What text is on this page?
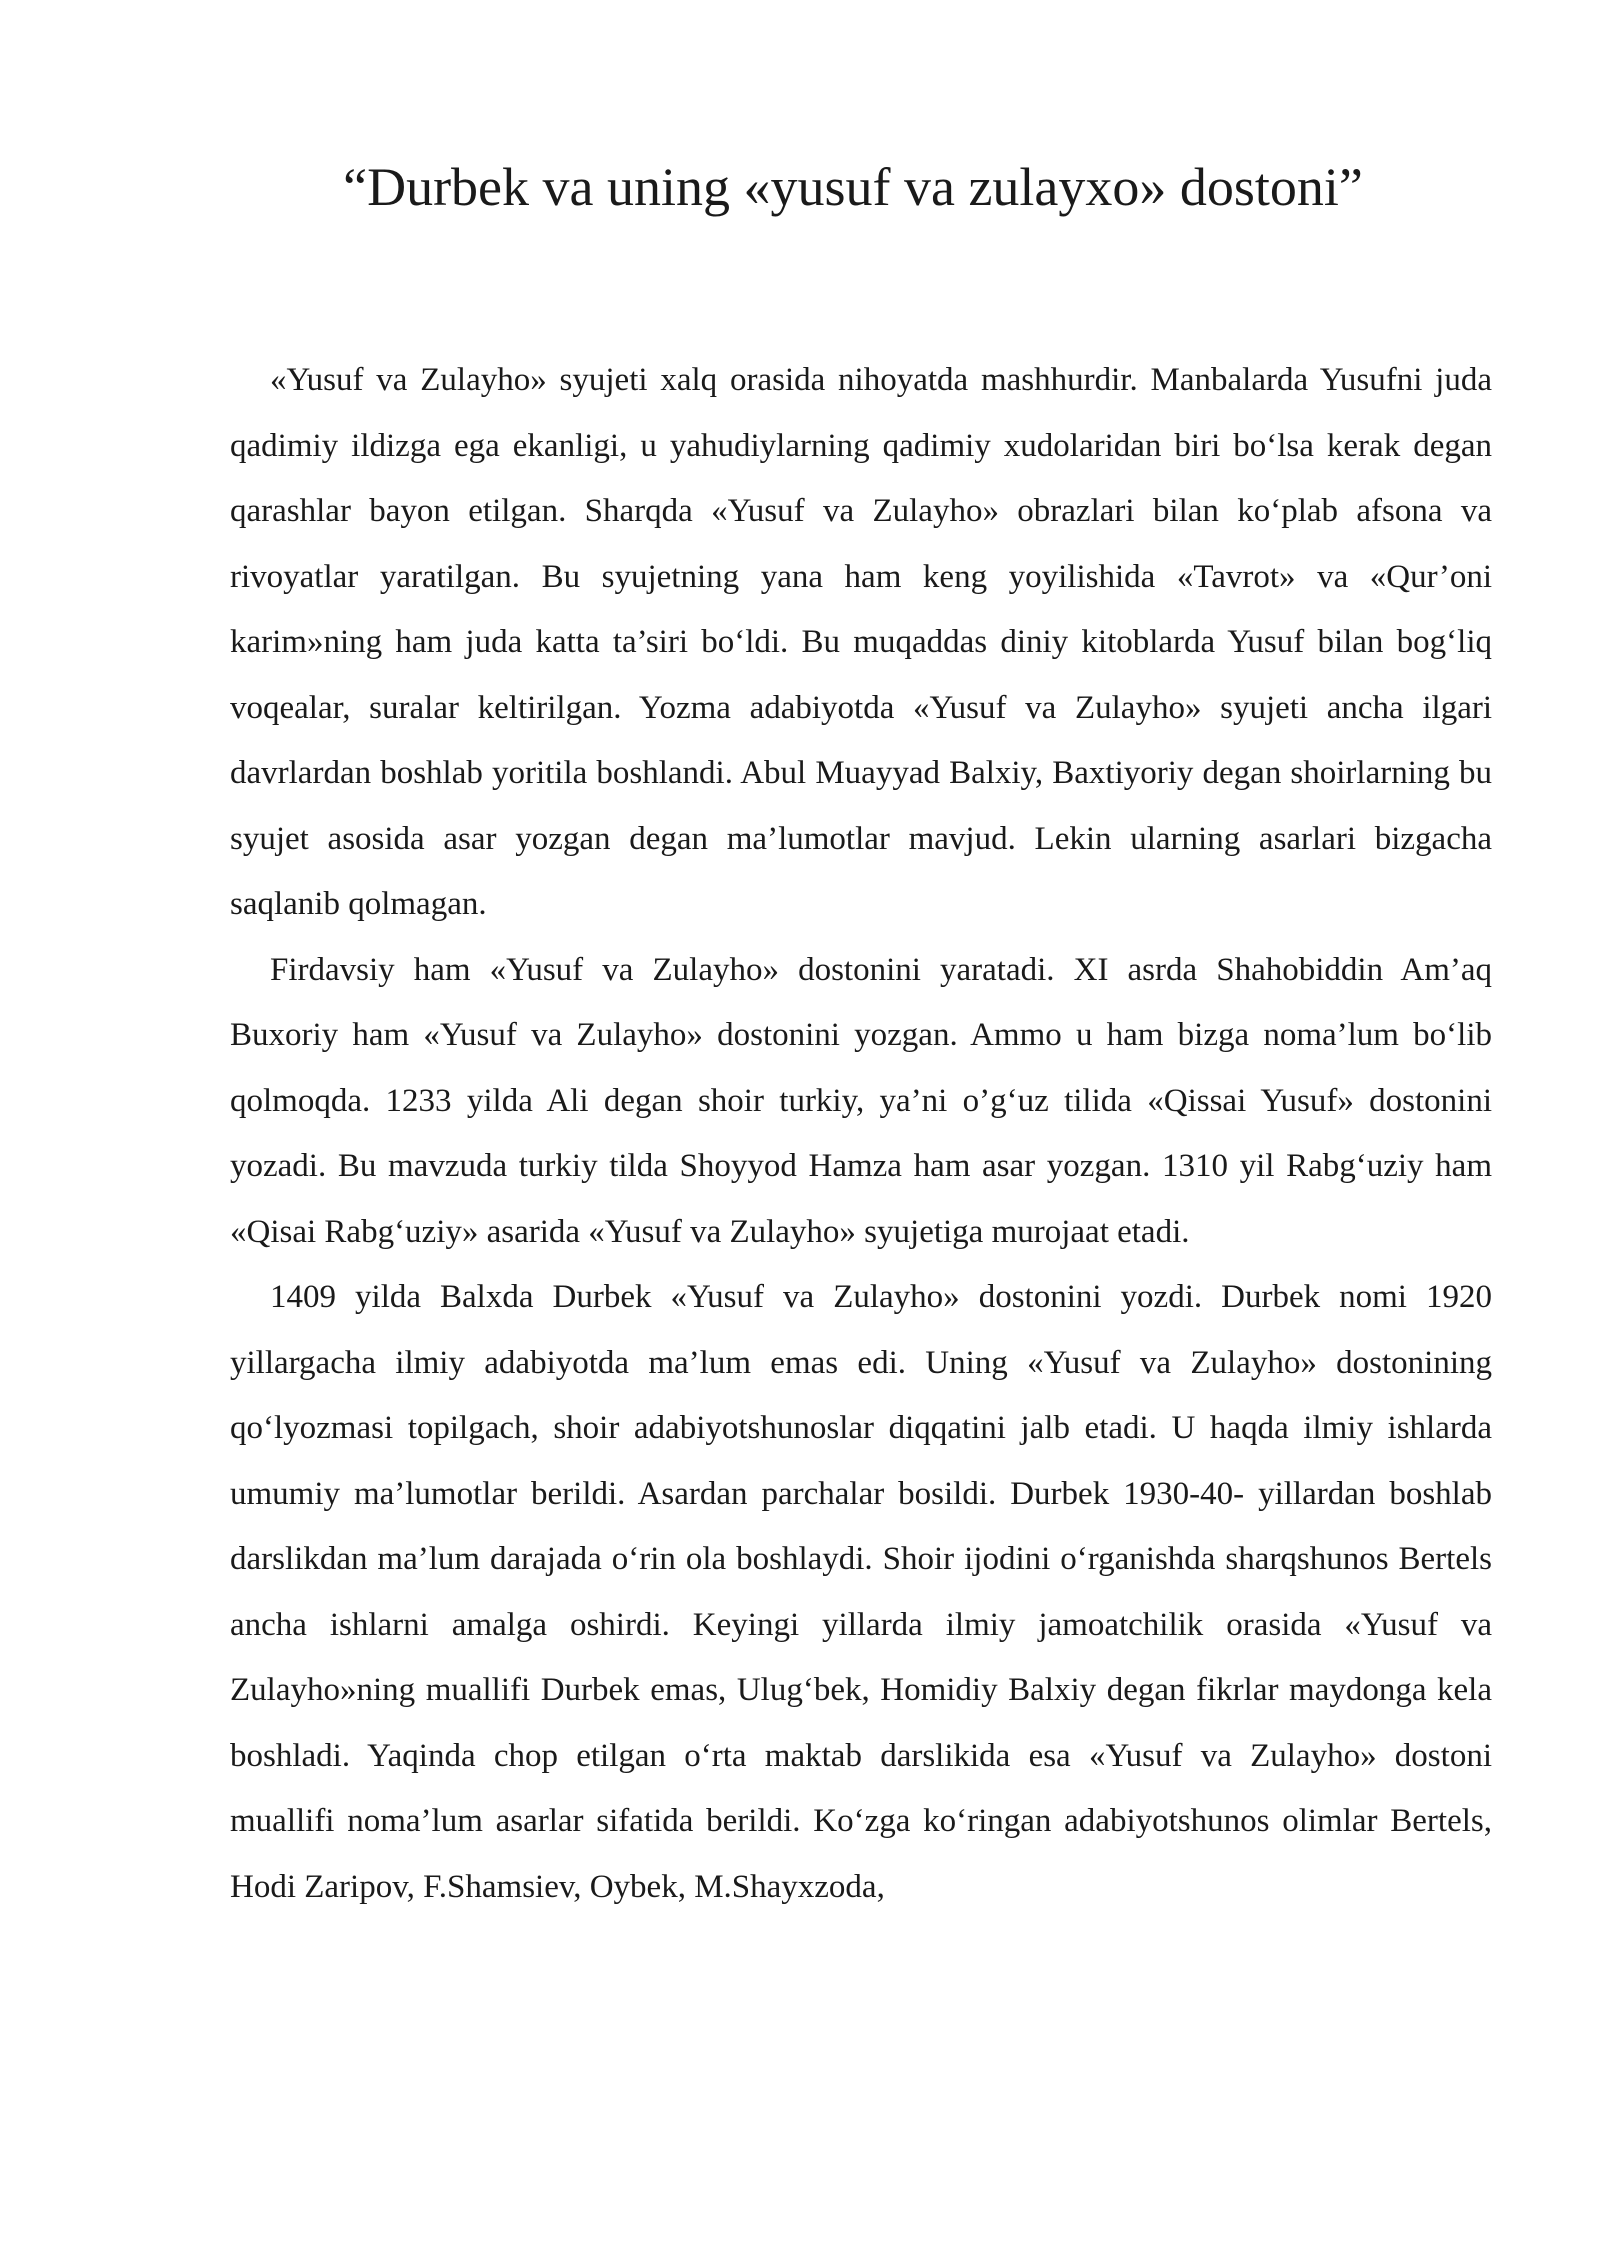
“Durbek va uning «yusuf va zulayxo» dostoni”

«Yusuf va Zulayho» syujeti xalq orasida nihoyatda mashhurdir. Manbalarda Yusufni juda qadimiy ildizga ega ekanligi, u yahudiylarning qadimiy xudolaridan biri bo‘lsa kerak degan qarashlar bayon etilgan. Sharqda «Yusuf va Zulayho» obrazlari bilan ko‘plab afsona va rivoyatlar yaratilgan. Bu syujetning yana ham keng yoyilishida «Tavrot» va «Qur’oni karim»ning ham juda katta ta’siri bo‘ldi. Bu muqaddas diniy kitoblarda Yusuf bilan bog‘liq voqealar, suralar keltirilgan. Yozma adabiyotda «Yusuf va Zulayho» syujeti ancha ilgari davrlardan boshlab yoritila boshlandi. Abul Muayyad Balxiy, Baxtiyoriy degan shoirlarning bu syujet asosida asar yozgan degan ma’lumotlar mavjud. Lekin ularning asarlari bizgacha saqlanib qolmagan.

Firdavsiy ham «Yusuf va Zulayho» dostonini yaratadi. XI asrda Shahobiddin Am’aq Buxoriy ham «Yusuf va Zulayho» dostonini yozgan. Ammo u ham bizga noma’lum bo‘lib qolmoqda. 1233 yilda Ali degan shoir turkiy, ya’ni o’g‘uz tilida «Qissai Yusuf» dostonini yozadi. Bu mavzuda turkiy tilda Shoyyod Hamza ham asar yozgan. 1310 yil Rabg‘uziy ham «Qisai Rabg‘uziy» asarida «Yusuf va Zulayho» syujetiga murojaat etadi.

1409 yilda Balxda Durbek «Yusuf va Zulayho» dostonini yozdi. Durbek nomi 1920 yillargacha ilmiy adabiyotda ma’lum emas edi. Uning «Yusuf va Zulayho» dostonining qo‘lyozmasi topilgach, shoir adabiyotshunoslar diqqatini jalb etadi. U haqda ilmiy ishlarda umumiy ma’lumotlar berildi. Asardan parchalar bosildi. Durbek 1930-40- yillardan boshlab darslikdan ma’lum darajada o‘rin ola boshlaydi. Shoir ijodini o‘rganishda sharqshunos Bertels ancha ishlarni amalga oshirdi. Keyingi yillarda ilmiy jamoatchilik orasida «Yusuf va Zulayho»ning muallifi Durbek emas, Ulug‘bek, Homidiy Balxiy degan fikrlar maydonga kela boshladi. Yaqinda chop etilgan o‘rta maktab darslikida esa «Yusuf va Zulayho» dostoni muallifi noma’lum asarlar sifatida berildi. Ko‘zga ko‘ringan adabiyotshunos olimlar Bertels, Hodi Zaripov, F.Shamsiev, Oybek, M.Shayxzoda,
